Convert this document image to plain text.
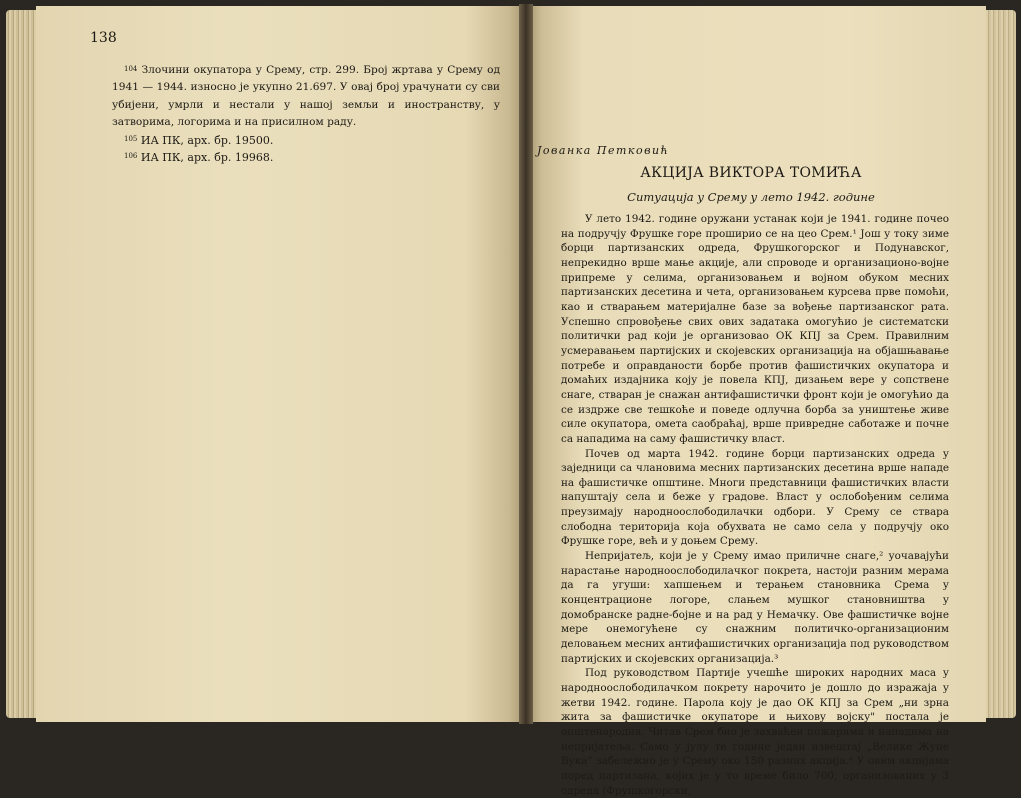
138

$^{104}$ Злочини окупатора у Срему, стр. 299. Број жртава у Срему од 1941 — 1944. износно је укупно 21.697. У овај број урачунати су сви убијени, умрли и нестали у нашој земљи и иностранству, у затворима, логорима и на присилном раду.

$^{105}$ ИА ПК, арх. бр. 19500.

$^{106}$ ИА ПК, арх. бр. 19968.

Јованка Петковић
АКЦИЈА ВИКТОРА ТОМИЋА
Ситуација у Срему у лето 1942. године

У лето 1942. године оружани устанак који је 1941. године почео на подручју Фрушке горе проширио се на цео Срем.¹ Још у току зиме борци партизанских одреда, Фрушкогорског и Подунавског, непрекидно врше мање акције, али спроводе и организационо-војне припреме у селима, организовањем и војном обуком месних партизанских десетина и чета, организовањем курсева прве помоћи, као и стварањем материјалне базе за вођење партизанског рата. Успешно спровођење свих ових задатака омогућио је систематски политички рад који је организовао ОК КПЈ за Срем. Правилним усмеравањем партијских и скојевских организација на објашњавање потребе и оправданости борбе против фашистичких окупатора и домаћих издајника коју је повела КПЈ, дизањем вере у сопствене снаге, стваран је снажан антифашистички фронт који је омогућио да се издрже све тешкоће и поведе одлучна борба за уништење живе силе окупатора, омета саобраћај, врше привредне саботаже и почне са нападима на саму фашистичку власт.

Почев од марта 1942. године борци партизанских одреда у заједници са члановима месних партизанских десетина врше нападе на фашистичке општине. Многи представници фашистичких власти напуштају села и беже у градове. Власт у ослобођеним селима преузимају народноослободилачки одбори. У Срему се ствара слободна територија која обухвата не само села у подручју око Фрушке горе, већ и у доњем Срему.

Непријатељ, који је у Срему имао приличне снаге,² уочавајући нарастање народноослободилачког покрета, настоји разним мерама да га угуши: хапшењем и терањем становника Срема у концентрационе логоре, слањем мушког становништва у домобранске радне-бојне и на рад у Немачку. Ове фашистичке војне мере онемогућене су снажним политичко-организационим деловањем месних антифашистичких организација под руководством партијских и скојевских организација.³

Под руководством Партије учешће широких народних маса у народноослободилачком покрету нарочито је дошло до изражаја у жетви 1942. године. Парола коју је дао ОК КПЈ за Срем „ни зрна жита за фашистичке окупаторе и њихову војску" постала је општенародна. Читав Срем био је захваћен пожарима и нападима на непријатеља. Само у јулу те године један извештај „Велике Жупе Вука" забележио је у Срему око 150 разних акција.⁴ У овим акцијама поред партизана, којих је у то време било 700, организованих у 3 одреда (Фрушкогорски,
